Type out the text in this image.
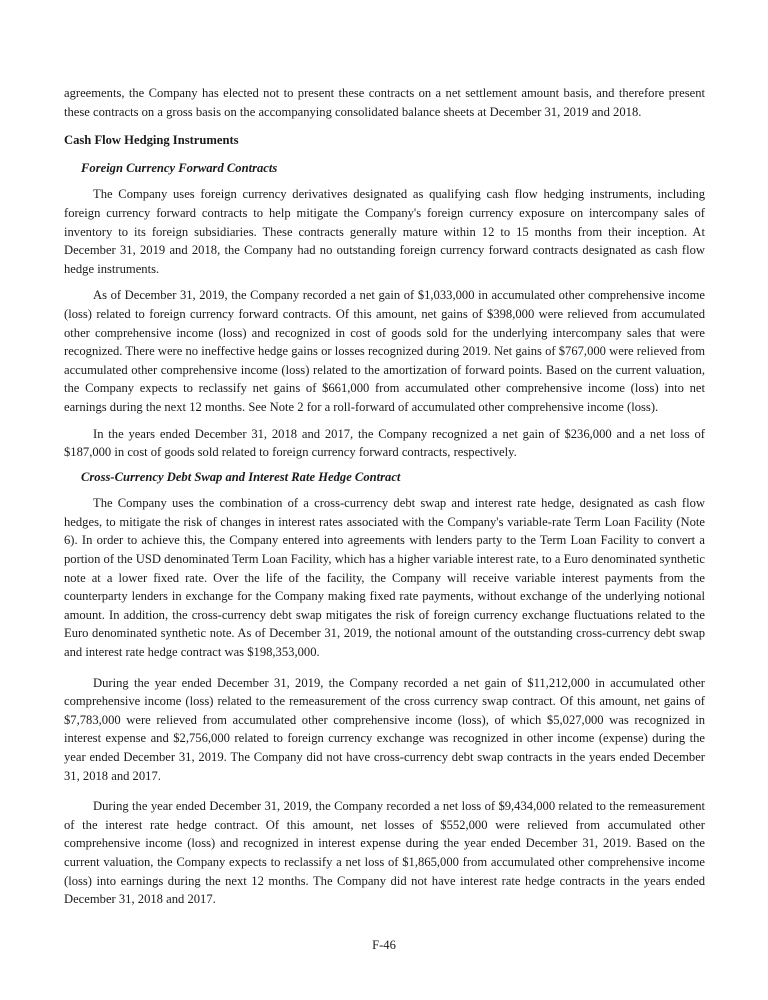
agreements, the Company has elected not to present these contracts on a net settlement amount basis, and therefore present these contracts on a gross basis on the accompanying consolidated balance sheets at December 31, 2019 and 2018.

Cash Flow Hedging Instruments

Foreign Currency Forward Contracts

The Company uses foreign currency derivatives designated as qualifying cash flow hedging instruments, including foreign currency forward contracts to help mitigate the Company's foreign currency exposure on intercompany sales of inventory to its foreign subsidiaries. These contracts generally mature within 12 to 15 months from their inception. At December 31, 2019 and 2018, the Company had no outstanding foreign currency forward contracts designated as cash flow hedge instruments.

As of December 31, 2019, the Company recorded a net gain of $1,033,000 in accumulated other comprehensive income (loss) related to foreign currency forward contracts. Of this amount, net gains of $398,000 were relieved from accumulated other comprehensive income (loss) and recognized in cost of goods sold for the underlying intercompany sales that were recognized. There were no ineffective hedge gains or losses recognized during 2019. Net gains of $767,000 were relieved from accumulated other comprehensive income (loss) related to the amortization of forward points. Based on the current valuation, the Company expects to reclassify net gains of $661,000 from accumulated other comprehensive income (loss) into net earnings during the next 12 months. See Note 2 for a roll-forward of accumulated other comprehensive income (loss).

In the years ended December 31, 2018 and 2017, the Company recognized a net gain of $236,000 and a net loss of $187,000 in cost of goods sold related to foreign currency forward contracts, respectively.

Cross-Currency Debt Swap and Interest Rate Hedge Contract

The Company uses the combination of a cross-currency debt swap and interest rate hedge, designated as cash flow hedges, to mitigate the risk of changes in interest rates associated with the Company's variable-rate Term Loan Facility (Note 6). In order to achieve this, the Company entered into agreements with lenders party to the Term Loan Facility to convert a portion of the USD denominated Term Loan Facility, which has a higher variable interest rate, to a Euro denominated synthetic note at a lower fixed rate. Over the life of the facility, the Company will receive variable interest payments from the counterparty lenders in exchange for the Company making fixed rate payments, without exchange of the underlying notional amount. In addition, the cross-currency debt swap mitigates the risk of foreign currency exchange fluctuations related to the Euro denominated synthetic note. As of December 31, 2019, the notional amount of the outstanding cross-currency debt swap and interest rate hedge contract was $198,353,000.

During the year ended December 31, 2019, the Company recorded a net gain of $11,212,000 in accumulated other comprehensive income (loss) related to the remeasurement of the cross currency swap contract. Of this amount, net gains of $7,783,000 were relieved from accumulated other comprehensive income (loss), of which $5,027,000 was recognized in interest expense and $2,756,000 related to foreign currency exchange was recognized in other income (expense) during the year ended December 31, 2019. The Company did not have cross-currency debt swap contracts in the years ended December 31, 2018 and 2017.

During the year ended December 31, 2019, the Company recorded a net loss of $9,434,000 related to the remeasurement of the interest rate hedge contract. Of this amount, net losses of $552,000 were relieved from accumulated other comprehensive income (loss) and recognized in interest expense during the year ended December 31, 2019. Based on the current valuation, the Company expects to reclassify a net loss of $1,865,000 from accumulated other comprehensive income (loss) into earnings during the next 12 months. The Company did not have interest rate hedge contracts in the years ended December 31, 2018 and 2017.

F-46
